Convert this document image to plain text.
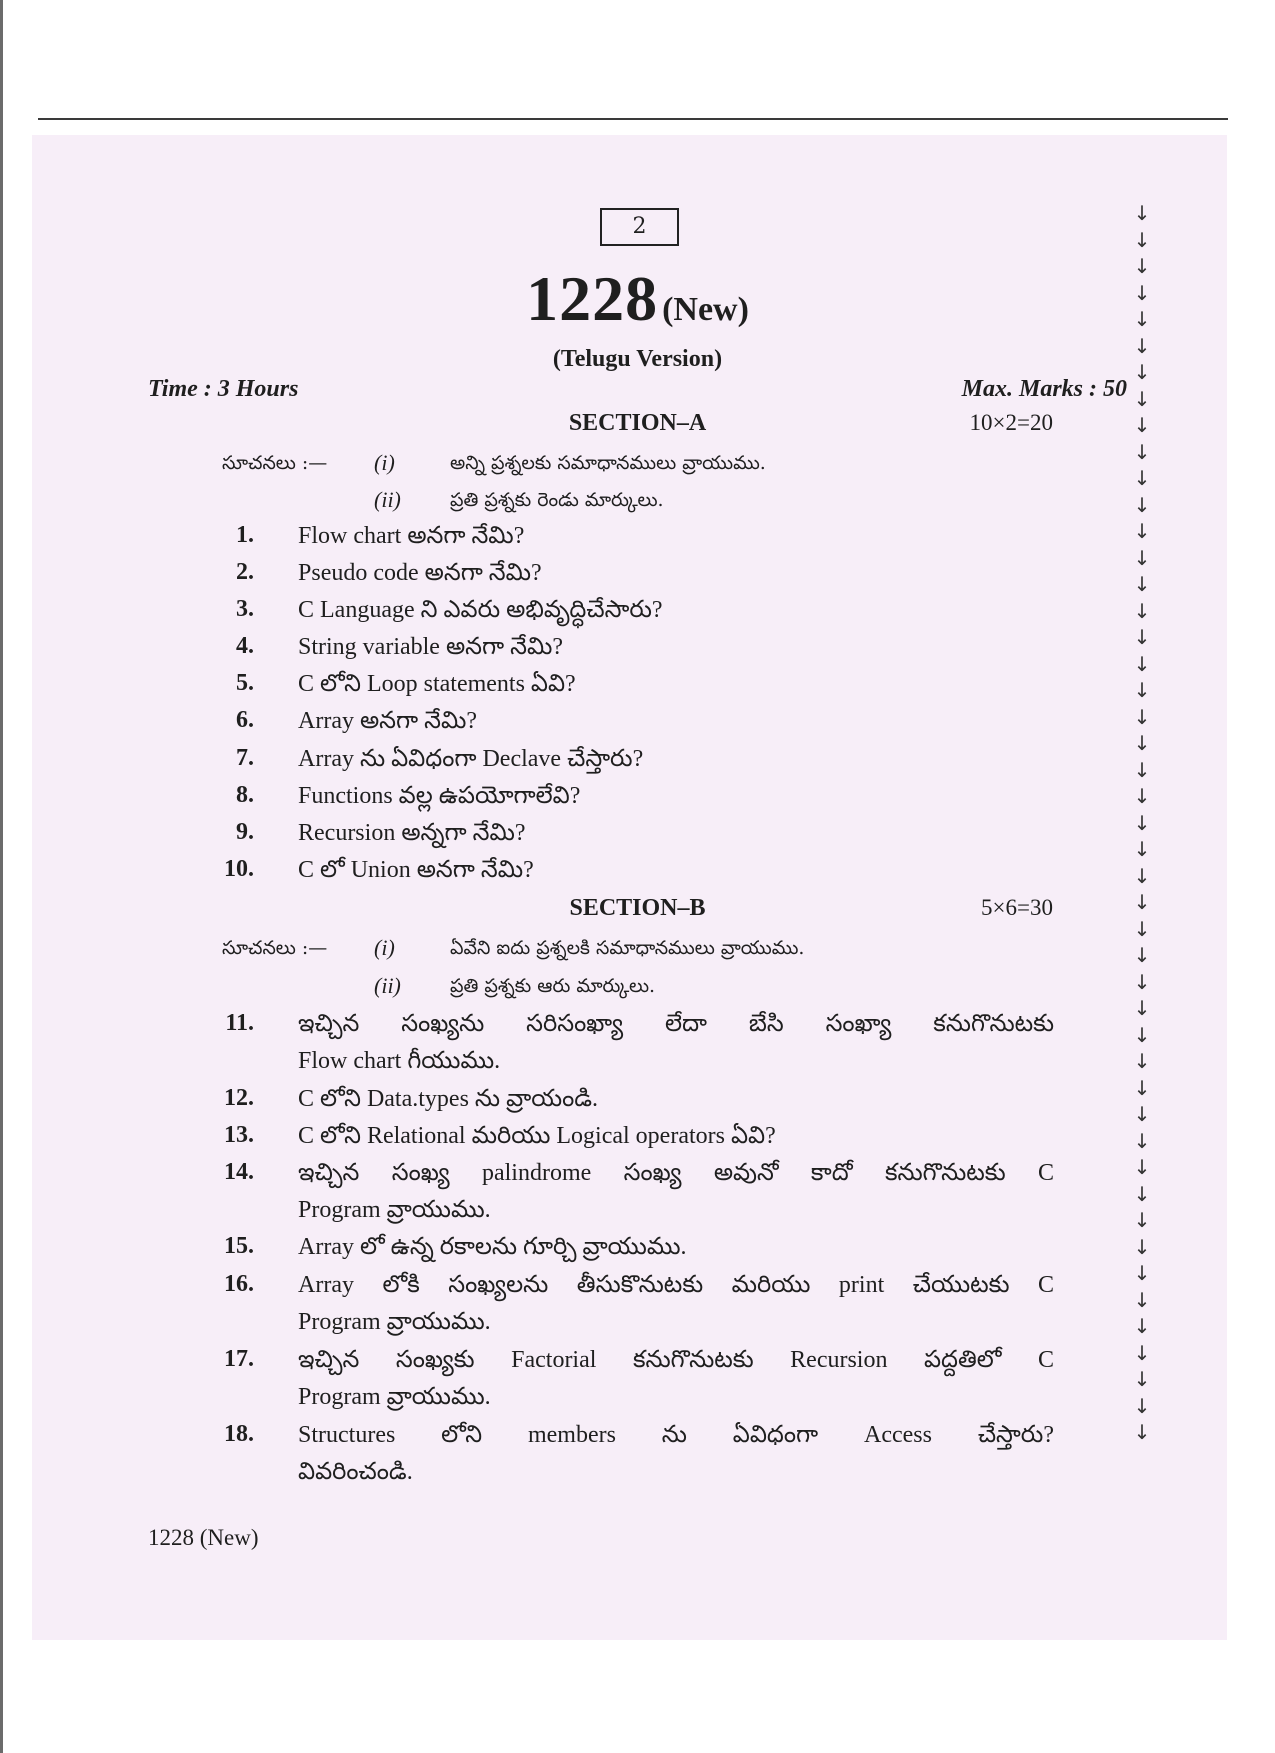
2
1228 (New)
(Telugu Version)
Time : 3 Hours	Max. Marks : 50
SECTION–A	10×2=20
సూచనలు :— (i)	అన్ని ప్రశ్నలకు సమాధానములు వ్రాయుము.
(ii)	ప్రతి ప్రశ్నకు రెండు మార్కులు.
1. Flow chart అనగా నేమి?
2. Pseudo code అనగా నేమి?
3. C Language ని ఎవరు అభివృద్ధిచేసారు?
4. String variable అనగా నేమి?
5. C లోని Loop statements ఏవి?
6. Array అనగా నేమి?
7. Array ను ఏవిధంగా Declave చేస్తారు?
8. Functions వల్ల ఉపయోగాలేవి?
9. Recursion అన్నగా నేమి?
10. C లో Union అనగా నేమి?
SECTION–B	5×6=30
సూచనలు :— (i)	ఏవేని ఐదు ప్రశ్నలకి సమాధానములు వ్రాయుము.
(ii)	ప్రతి ప్రశ్నకు ఆరు మార్కులు.
11. ఇచ్చిన సంఖ్యను సరిసంఖ్యా లేదా బేసి సంఖ్యా కనుగొనుటకు
Flow chart గీయుము.
12. C లోని Data.types ను వ్రాయండి.
13. C లోని Relational మరియు Logical operators ఏవి?
14. ఇచ్చిన సంఖ్య palindrome సంఖ్య అవునో కాదో కనుగొనుటకు C
Program వ్రాయుము.
15. Array లో ఉన్న రకాలను గూర్చి వ్రాయుము.
16. Array లోకి సంఖ్యలను తీసుకొనుటకు మరియు print చేయుటకు C
Program వ్రాయుము.
17. ఇచ్చిన సంఖ్యకు Factorial కనుగొనుటకు Recursion పద్దతిలో C
Program వ్రాయుము.
18. Structures లోని members ను ఏవిధంగా Access చేస్తారు?
వివరించండి.
1228 (New)
↓
↓
↓
↓
↓
↓
↓
↓
↓
↓
↓
↓
↓
↓
↓
↓
↓
↓
↓
↓
↓
↓
↓
↓
↓
↓
↓
↓
↓
↓
↓
↓
↓
↓
↓
↓
↓
↓
↓
↓
↓
↓
↓
↓
↓
↓
↓
